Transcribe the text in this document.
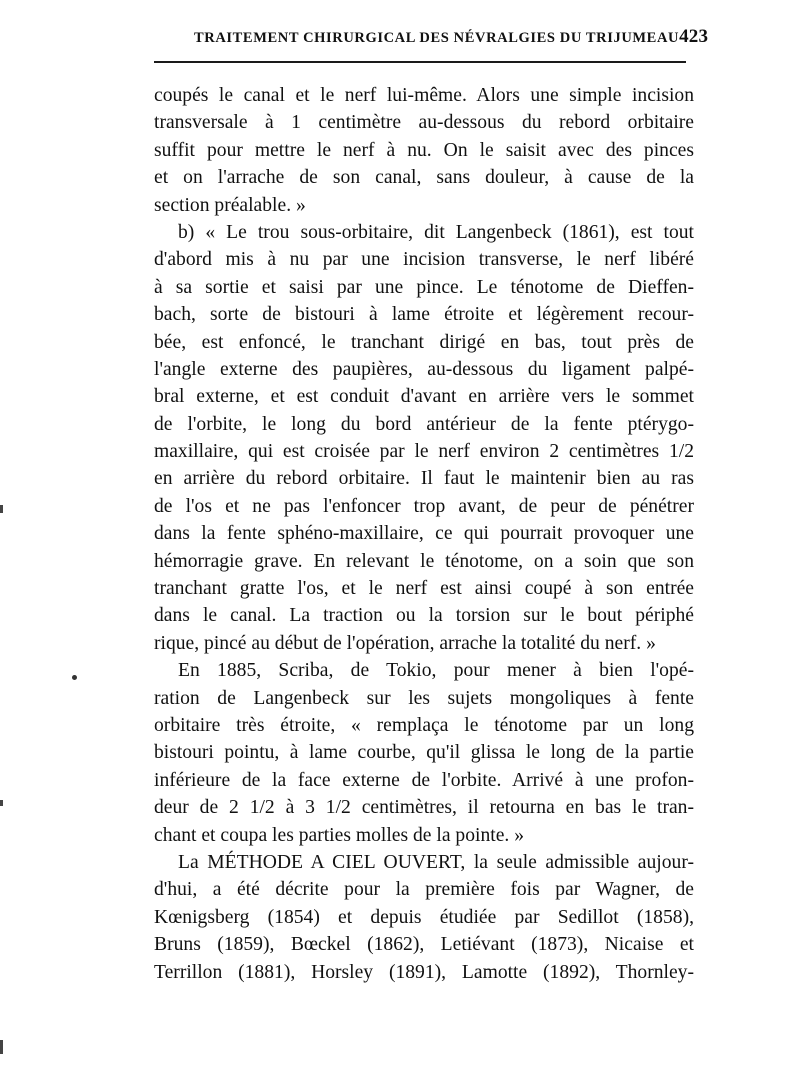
TRAITEMENT CHIRURGICAL DES NÉVRALGIES DU TRIJUMEAU 423
coupés le canal et le nerf lui-même. Alors une simple incision
transversale à 1 centimètre au-dessous du rebord orbitaire
suffit pour mettre le nerf à nu. On le saisit avec des pinces
et on l'arrache de son canal, sans douleur, à cause de la
section préalable. »
b) « Le trou sous-orbitaire, dit Langenbeck (1861), est tout
d'abord mis à nu par une incision transverse, le nerf libéré
à sa sortie et saisi par une pince. Le ténotome de Dieffen-
bach, sorte de bistouri à lame étroite et légèrement recour-
bée, est enfoncé, le tranchant dirigé en bas, tout près de
l'angle externe des paupières, au-dessous du ligament palpé-
bral externe, et est conduit d'avant en arrière vers le sommet
de l'orbite, le long du bord antérieur de la fente ptérygo-
maxillaire, qui est croisée par le nerf environ 2 centimètres 1/2
en arrière du rebord orbitaire. Il faut le maintenir bien au ras
de l'os et ne pas l'enfoncer trop avant, de peur de pénétrer
dans la fente sphéno-maxillaire, ce qui pourrait provoquer une
hémorragie grave. En relevant le ténotome, on a soin que son
tranchant gratte l'os, et le nerf est ainsi coupé à son entrée
dans le canal. La traction ou la torsion sur le bout périphé
rique, pincé au début de l'opération, arrache la totalité du nerf. »
En 1885, Scriba, de Tokio, pour mener à bien l'opé-
ration de Langenbeck sur les sujets mongoliques à fente
orbitaire très étroite, « remplaça le ténotome par un long
bistouri pointu, à lame courbe, qu'il glissa le long de la partie
inférieure de la face externe de l'orbite. Arrivé à une profon-
deur de 2 1/2 à 3 1/2 centimètres, il retourna en bas le tran-
chant et coupa les parties molles de la pointe. »
La MÉTHODE A CIEL OUVERT, la seule admissible aujour-
d'hui, a été décrite pour la première fois par Wagner, de
Kœnigsberg (1854) et depuis étudiée par Sedillot (1858),
Bruns (1859), Bœckel (1862), Letiévant (1873), Nicaise et
Terrillon (1881), Horsley (1891), Lamotte (1892), Thornley-
